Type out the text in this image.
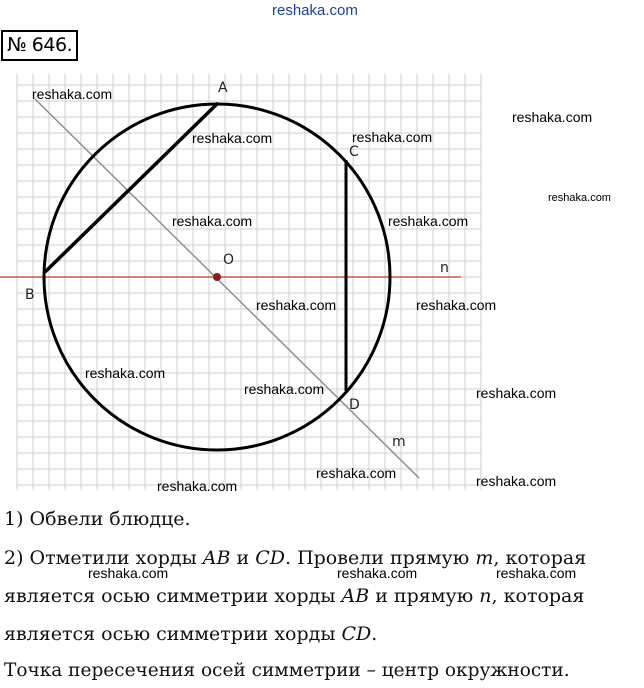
reshaka.com
№ 646.
A
B
C
D
O	n
m
reshaka.com
reshaka.com	reshaka.com
reshaka.com
reshaka.com
reshaka.com	reshaka.com
reshaka.com	reshaka.com
reshaka.com
reshaka.com	reshaka.com
reshaka.com
reshaka.com	reshaka.com
1) Обвели блюдце.
2) Отметили хорды AB и CD. Провели прямую m, которая
reshaka.com	reshaka.com	reshaka.com
является осью симметрии хорды AB и прямую n, которая
является осью симметрии хорды CD.
Точка пересечения осей симметрии – центр окружности.
